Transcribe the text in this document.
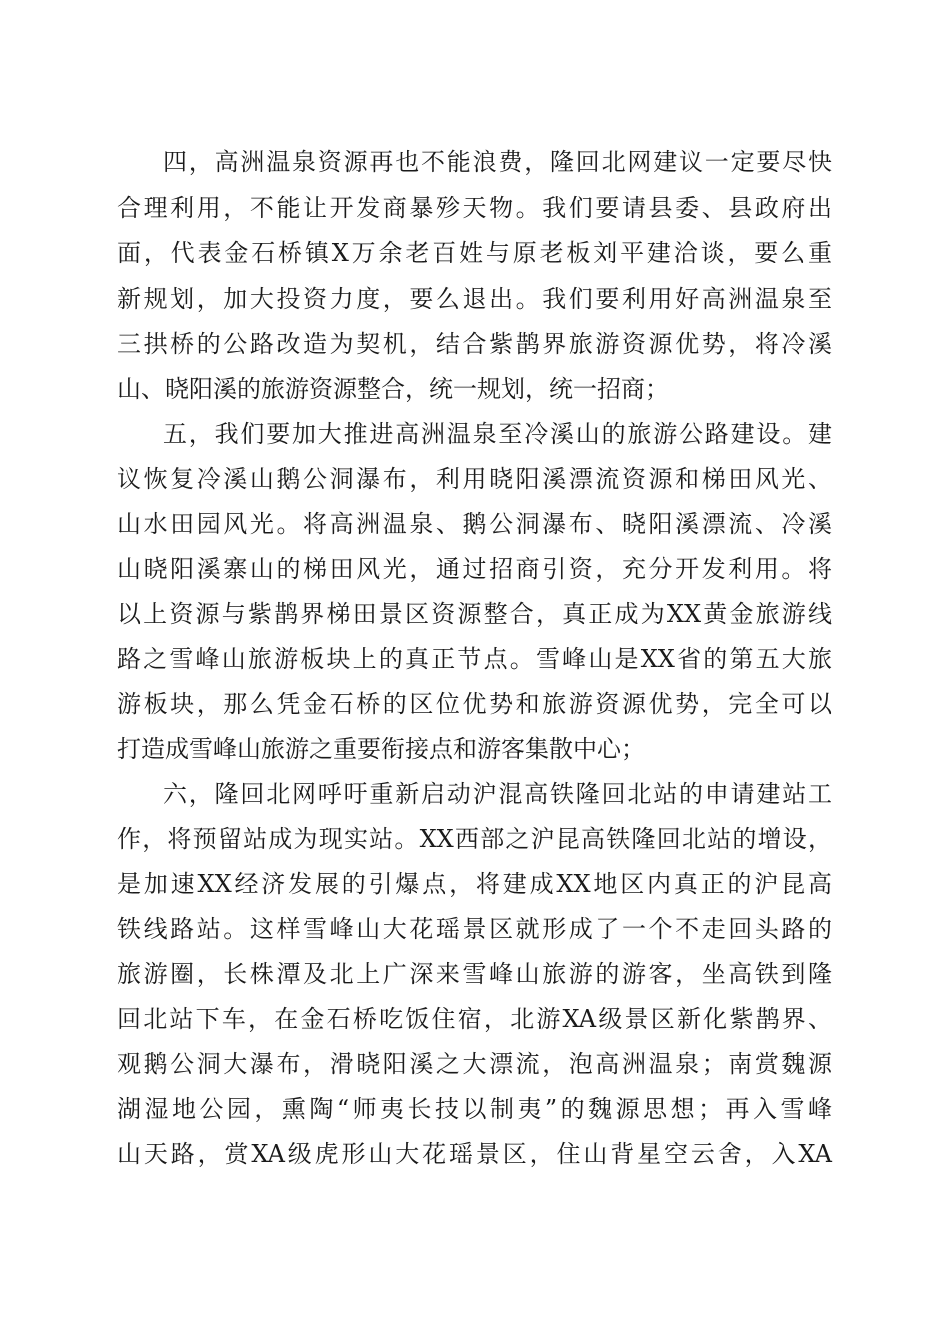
四，高洲温泉资源再也不能浪费，隆回北网建议一定要尽快
合理利用，不能让开发商暴殄天物。我们要请县委、县政府出
面，代表金石桥镇X万余老百姓与原老板刘平建洽谈，要么重
新规划，加大投资力度，要么退出。我们要利用好高洲温泉至
三拱桥的公路改造为契机，结合紫鹊界旅游资源优势，将冷溪
山、晓阳溪的旅游资源整合，统一规划，统一招商；
五，我们要加大推进高洲温泉至冷溪山的旅游公路建设。建
议恢复冷溪山鹅公洞瀑布，利用晓阳溪漂流资源和梯田风光、
山水田园风光。将高洲温泉、鹅公洞瀑布、晓阳溪漂流、冷溪
山晓阳溪寨山的梯田风光，通过招商引资，充分开发利用。将
以上资源与紫鹊界梯田景区资源整合，真正成为XX黄金旅游线
路之雪峰山旅游板块上的真正节点。雪峰山是XX省的第五大旅
游板块，那么凭金石桥的区位优势和旅游资源优势，完全可以
打造成雪峰山旅游之重要衔接点和游客集散中心；
六，隆回北网呼吁重新启动沪混高铁隆回北站的申请建站工
作，将预留站成为现实站。XX西部之沪昆高铁隆回北站的增设，
是加速XX经济发展的引爆点，将建成XX地区内真正的沪昆高
铁线路站。这样雪峰山大花瑶景区就形成了一个不走回头路的
旅游圈，长株潭及北上广深来雪峰山旅游的游客，坐高铁到隆
回北站下车，在金石桥吃饭住宿，北游XA级景区新化紫鹊界、
观鹅公洞大瀑布，滑晓阳溪之大漂流，泡高洲温泉；南赏魏源
湖湿地公园，熏陶“师夷长技以制夷”的魏源思想；再入雪峰
山天路，赏XA级虎形山大花瑶景区，住山背星空云舍，入XA
